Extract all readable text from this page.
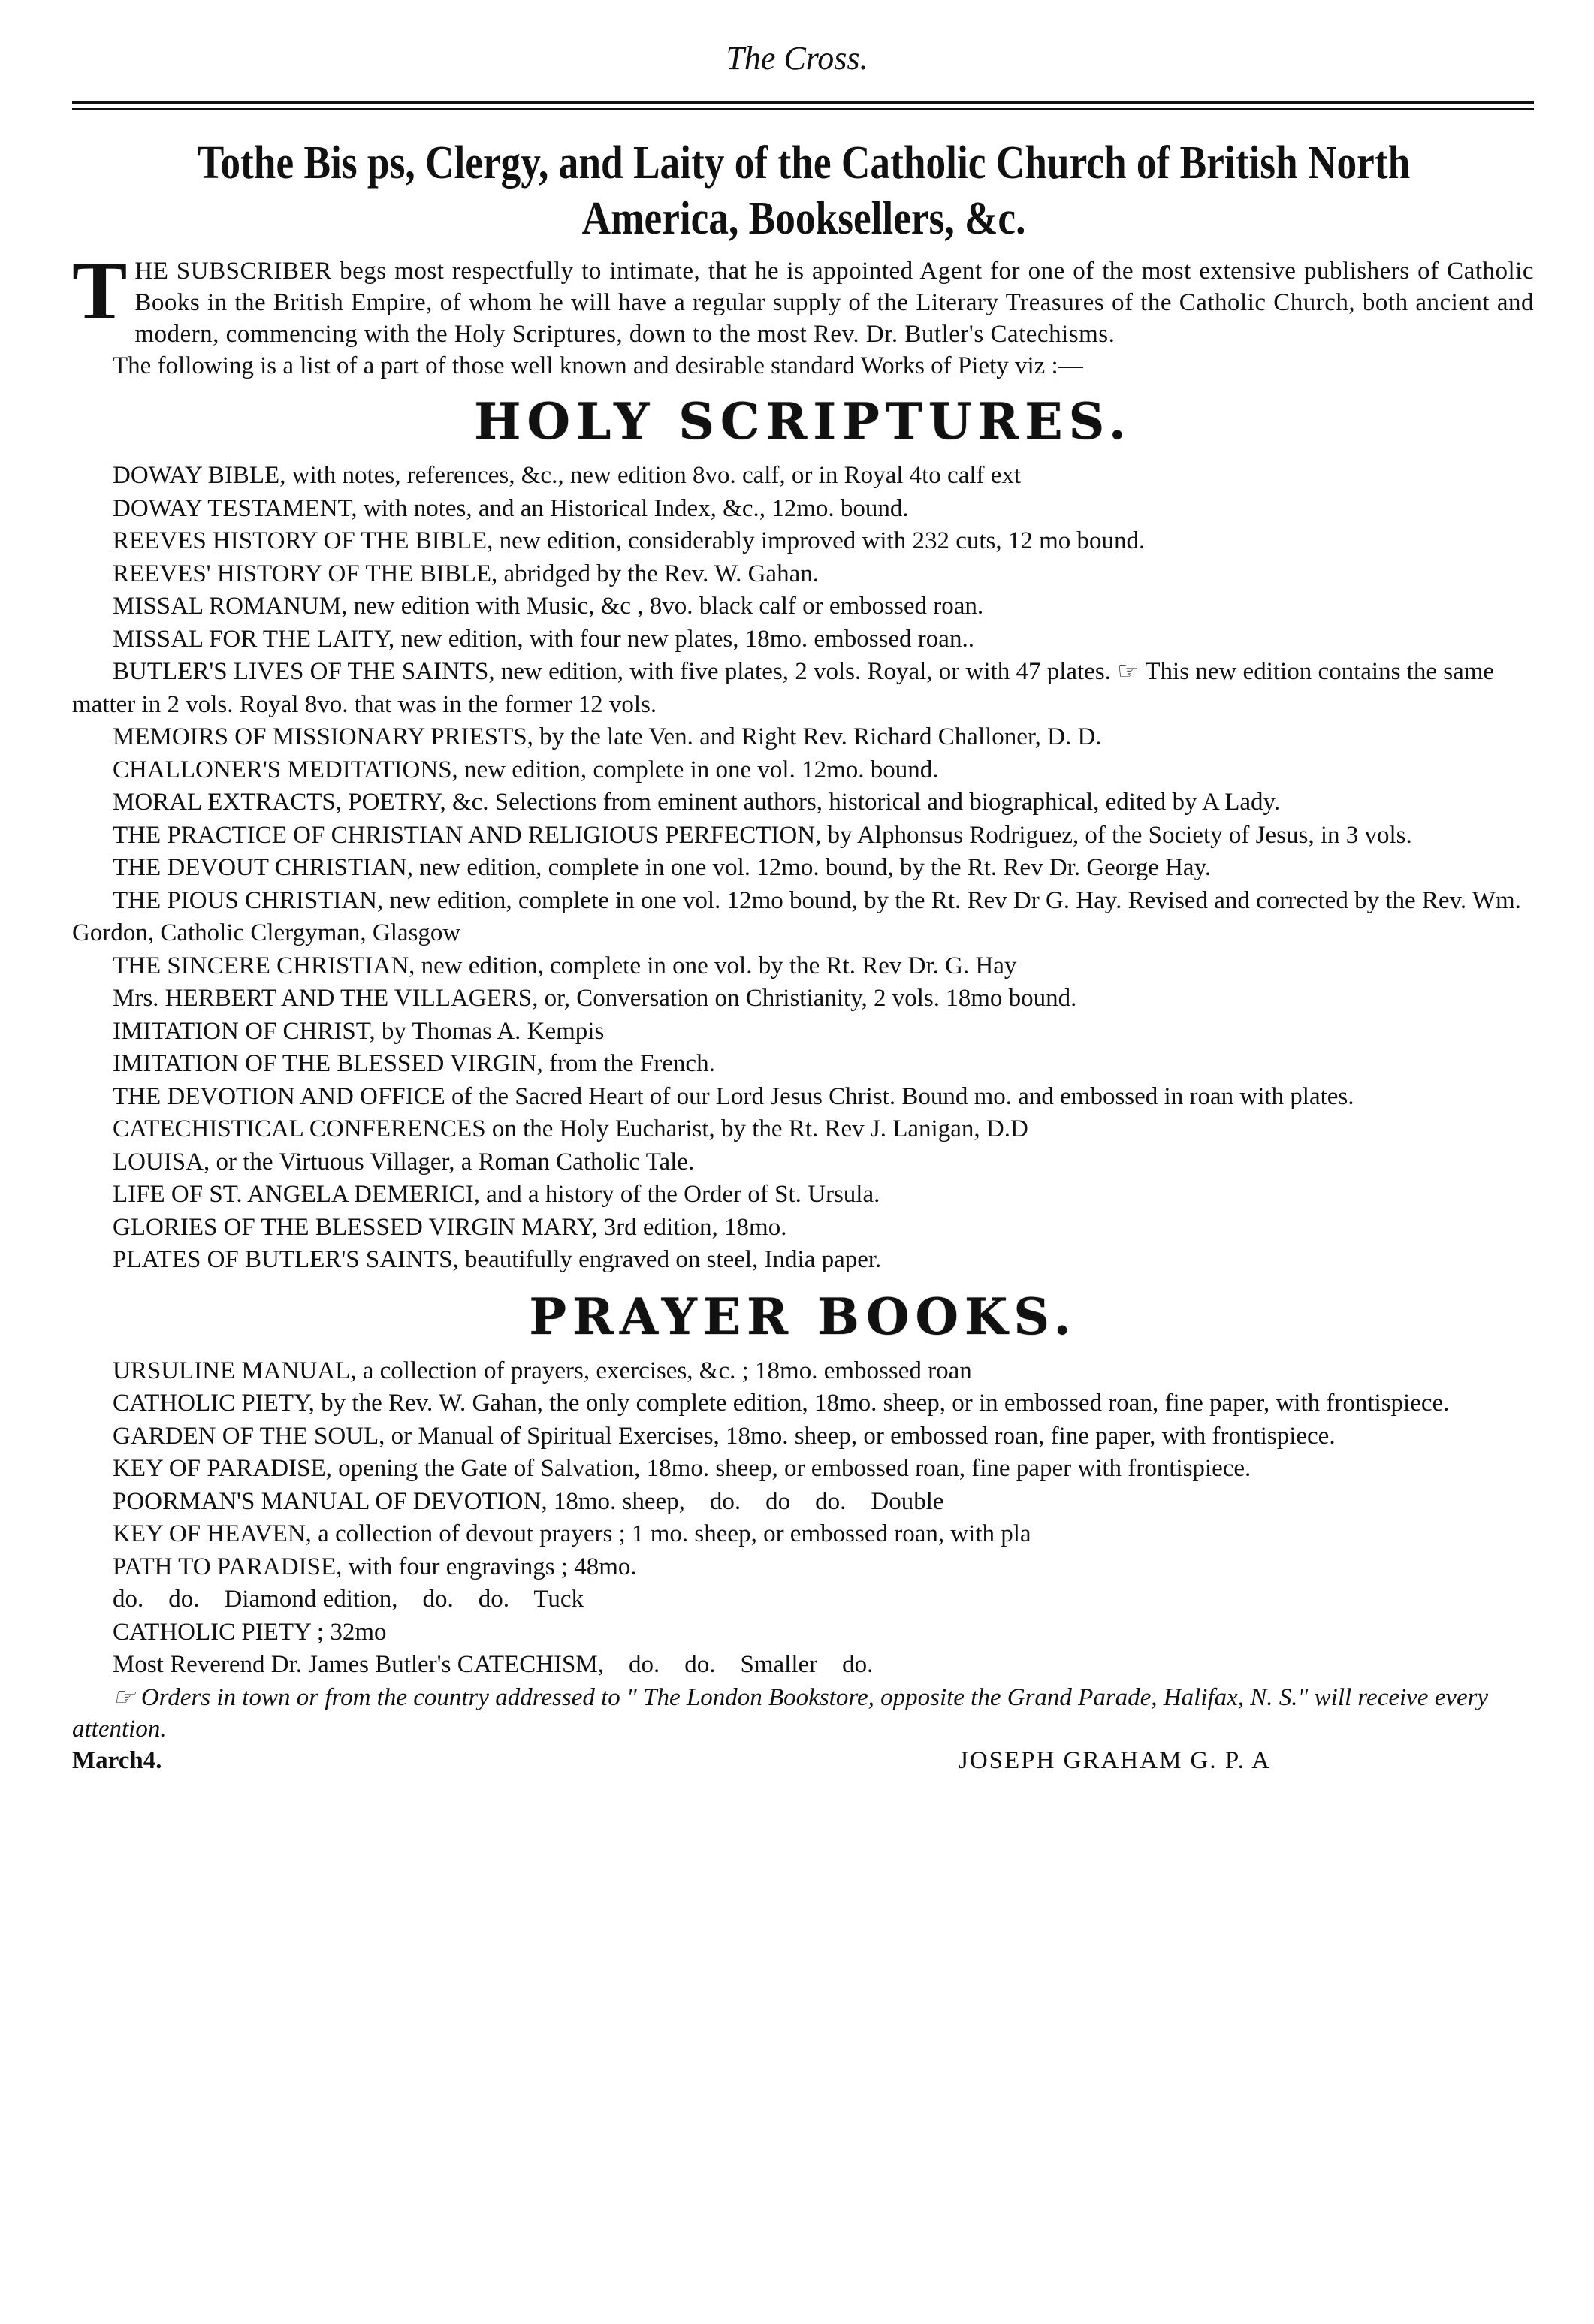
The Cross.
Tothe Bis ps, Clergy, and Laity of the Catholic Church of British North America, Booksellers, &c.

T HE SUBSCRIBER begs most respectfully to intimate, that he is appointed Agent for one of the most extensive publishers of Catholic Books in the British Empire, of whom he will have a regular supply of the Literary Treasures of the Catholic Church, both ancient and modern, commencing with the Holy Scriptures, down to the most Rev. Dr. Butler's Catechisms.

The following is a list of a part of those well known and desirable standard Works of Piety viz :—

HOLY SCRIPTURES.

DOWAY BIBLE, with notes, references, &c., new edition 8vo. calf, or in Royal 4to calf ext

DOWAY TESTAMENT, with notes, and an Historical Index, &c., 12mo. bound.

REEVES HISTORY OF THE BIBLE, new edition, considerably improved with 232 cuts, 12 mo bound.

REEVES' HISTORY OF THE BIBLE, abridged by the Rev. W. Gahan.

MISSAL ROMANUM, new edition with Music, &c , 8vo. black calf or embossed roan.

MISSAL FOR THE LAITY, new edition, with four new plates, 18mo. embossed roan..

BUTLER'S LIVES OF THE SAINTS, new edition, with five plates, 2 vols. Royal, or with 47 plates. ☞ This new edition contains the same matter in 2 vols. Royal 8vo. that was in the former 12 vols.

MEMOIRS OF MISSIONARY PRIESTS, by the late Ven. and Right Rev. Richard Challoner, D. D.

CHALLONER'S MEDITATIONS, new edition, complete in one vol. 12mo. bound.

MORAL EXTRACTS, POETRY, &c. Selections from eminent authors, historical and biographical, edited by A Lady.

THE PRACTICE OF CHRISTIAN AND RELIGIOUS PERFECTION, by Alphonsus Rodriguez, of the Society of Jesus, in 3 vols.

THE DEVOUT CHRISTIAN, new edition, complete in one vol. 12mo. bound, by the Rt. Rev Dr. George Hay.

THE PIOUS CHRISTIAN, new edition, complete in one vol. 12mo bound, by the Rt. Rev Dr G. Hay. Revised and corrected by the Rev. Wm. Gordon, Catholic Clergyman, Glasgow

THE SINCERE CHRISTIAN, new edition, complete in one vol. by the Rt. Rev Dr. G. Hay

Mrs. HERBERT AND THE VILLAGERS, or, Conversation on Christianity, 2 vols. 18mo bound.

IMITATION OF CHRIST, by Thomas A. Kempis

IMITATION OF THE BLESSED VIRGIN, from the French.

THE DEVOTION AND OFFICE of the Sacred Heart of our Lord Jesus Christ. Bound mo. and embossed in roan with plates.

CATECHISTICAL CONFERENCES on the Holy Eucharist, by the Rt. Rev J. Lanigan, D.D

LOUISA, or the Virtuous Villager, a Roman Catholic Tale.

LIFE OF ST. ANGELA DEMERICI, and a history of the Order of St. Ursula.

GLORIES OF THE BLESSED VIRGIN MARY, 3rd edition, 18mo.

PLATES OF BUTLER'S SAINTS, beautifully engraved on steel, India paper.

PRAYER BOOKS.

URSULINE MANUAL, a collection of prayers, exercises, &c. ; 18mo. embossed roan

CATHOLIC PIETY, by the Rev. W. Gahan, the only complete edition, 18mo. sheep, or in embossed roan, fine paper, with frontispiece.

GARDEN OF THE SOUL, or Manual of Spiritual Exercises, 18mo. sheep, or embossed roan, fine paper, with frontispiece.

KEY OF PARADISE, opening the Gate of Salvation, 18mo. sheep, or embossed roan, fine paper with frontispiece.

POORMAN'S MANUAL OF DEVOTION, 18mo. sheep,    do.    do    do.    Double

KEY OF HEAVEN, a collection of devout prayers ; 1 mo. sheep, or embossed roan, with pla

PATH TO PARADISE, with four engravings ; 48mo.

do.    do.    Diamond edition,    do.    do.    Tuck

CATHOLIC PIETY ; 32mo

Most Reverend Dr. James Butler's CATECHISM,    do.    do.    Smaller    do.

☞ Orders in town or from the country addressed to " The London Bookstore, opposite the Grand Parade, Halifax, N. S." will receive every attention.

March4.	JOSEPH GRAHAM G. P. A
